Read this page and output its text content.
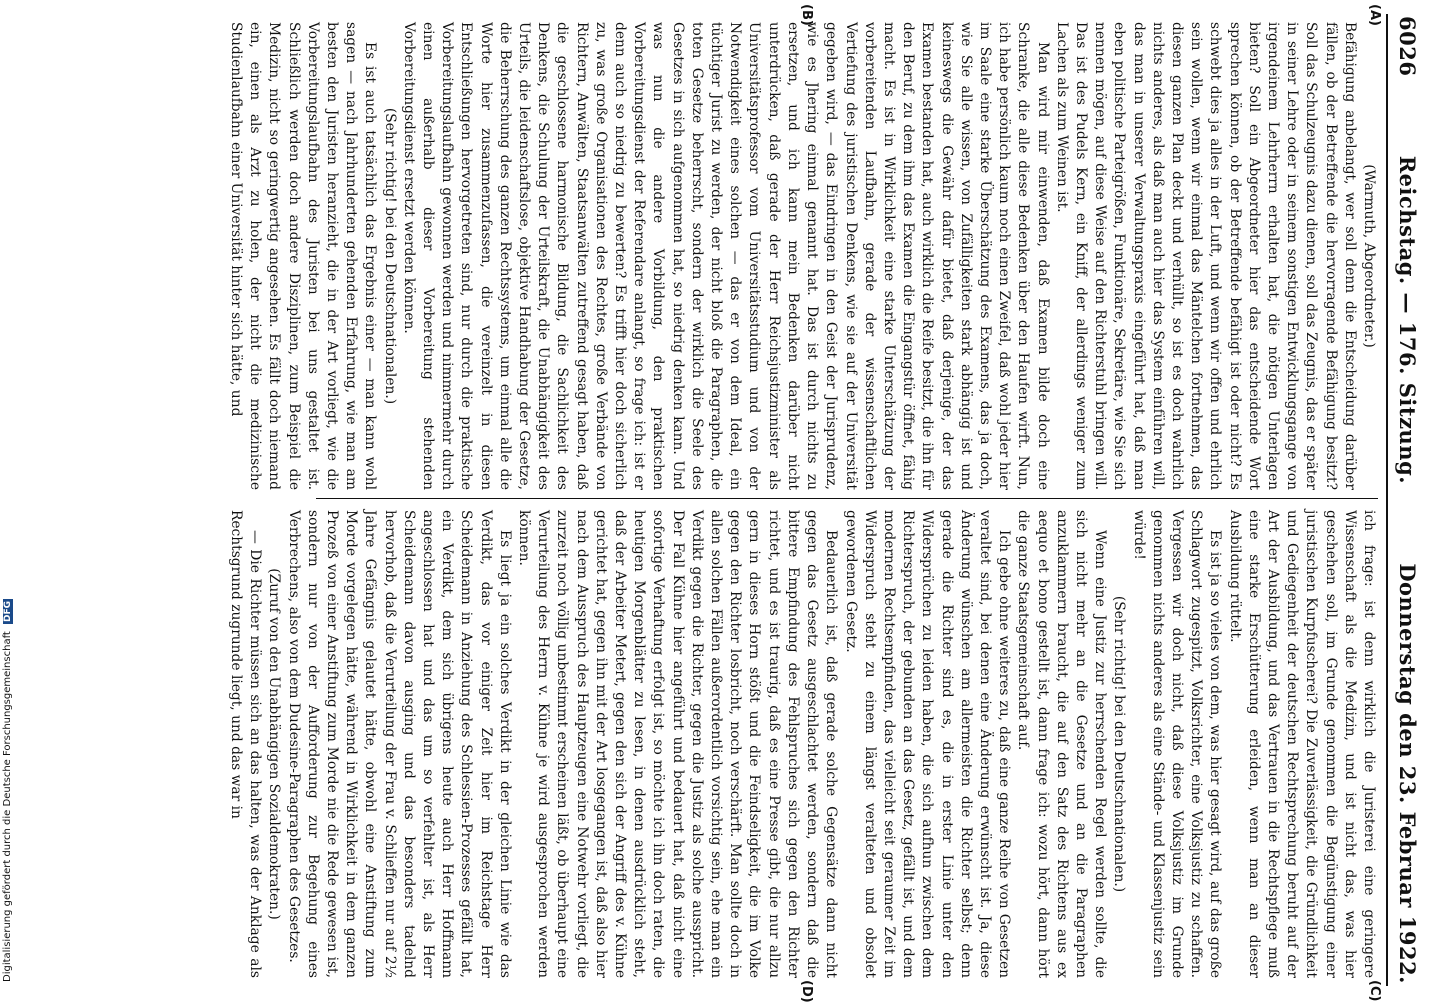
6026
Reichstag. — 176. Sitzung.
Donnerstag den 23. Februar 1922.
(A)
(B)
(C)
(D)

(Warmuth, Abgeordneter.)

Befähigung anbelangt, wer soll denn die Entscheidung darüber fällen, ob der Betreffende die hervorragende Befähigung besitzt? Soll das Schulzeugnis dazu dienen, soll das Zeugnis, das er später in seiner Lehre oder in seinem sonstigen Entwicklungsgange von irgendeinem Lehrherrn erhalten hat, die nötigen Unterlagen bieten? Soll ein Abgeordneter hier das entscheidende Wort sprechen können, ob der Betreffende befähigt ist oder nicht? Es schwebt dies ja alles in der Luft, und wenn wir offen und ehrlich sein wollen, wenn wir einmal das Mäntelchen fortnehmen, das diesen ganzen Plan deckt und verhüllt, so ist es doch wahrlich nichts anderes, als daß man auch hier das System einführen will, das man in unserer Verwaltungspraxis eingeführt hat, daß man eben politische Parteigrößen, Funktionäre, Sekretäre, wie Sie sich nennen mögen, auf diese Weise auf den Richterstuhl bringen will. Das ist des Pudels Kern, ein Kniff, der allerdings weniger zum Lachen als zum Weinen ist.

Man wird mir einwenden, daß Examen bilde doch eine Schranke, die alle diese Bedenken über den Haufen wirft. Nun, ich habe persönlich kaum noch einen Zweifel, daß wohl jeder hier im Saale eine starke Überschätzung des Examens, das ja doch, wie Sie alle wissen, von Zufälligkeiten stark abhängig ist und keineswegs die Gewähr dafür bietet, daß derjenige, der das Examen bestanden hat, auch wirklich die Reife besitzt, die ihn für den Beruf, zu dem ihm das Examen die Eingangstür öffnet, fähig macht. Es ist in Wirklichkeit eine starke Unterschätzung der vorbereitenden Laufbahn, gerade der wissenschaftlichen Vertiefung des juristischen Denkens, wie sie auf der Universität gegeben wird, — das Eindringen in den Geist der Jurisprudenz, wie es Jhering einmal genannt hat. Das ist durch nichts zu ersetzen, und ich kann mein Bedenken darüber nicht unterdrücken, daß gerade der Herr Reichsjustizminister als Universitätsprofessor vom Universitätsstudium und von der Notwendigkeit eines solchen — das er von dem Ideal, ein tüchtiger Jurist zu werden, der nicht bloß die Paragraphen, die toten Gesetze beherrscht, sondern der wirklich die Seele des Gesetzes in sich aufgenommen hat, so niedrig denken kann. Und was nun die andere Vorbildung, den praktischen Vorbereitungsdienst der Referendare anlangt, so frage ich: ist er denn auch so niedrig zu bewerten? Es trifft hier doch sicherlich zu, was große Organisationen des Rechtes, große Verbände von Richtern, Anwälten, Staatsanwälten zutreffend gesagt haben, daß die geschlossene harmonische Bildung, die Sachlichkeit des Denkens, die Schulung der Urteilskraft, die Unabhängigkeit des Urteils, die leidenschaftslose, objektive Handhabung der Gesetze, die Beherrschung des ganzen Rechtssystems, um einmal alle die Worte hier zusammenzufassen, die vereinzelt in diesen Entschließungen hervorgetreten sind, nur durch die praktische Vorbereitungslaufbahn gewonnen werden und nimmermehr durch einen außerhalb dieser Vorbereitung stehenden Vorbereitungsdienst ersetzt werden können.

(Sehr richtig! bei den Deutschnationalen.)

Es ist auch tatsächlich das Ergebnis einer — man kann wohl sagen — nach Jahrhunderten gehenden Erfahrung, wie man am besten den Juristen heranzieht, die in der Art vorliegt, wie die Vorbereitungslaufbahn des Juristen bei uns gestaltet ist. Schließlich werden doch andere Disziplinen, zum Beispiel die Medizin, nicht so geringwertig angesehen. Es fällt doch niemand ein, einen als Arzt zu holen, der nicht die medizinische Studienlaufbahn einer Universität hinter sich hätte, und

ich frage: ist denn wirklich die Juristerei eine geringere Wissenschaft als die Medizin, und ist nicht das, was hier geschehen soll, im Grunde genommen die Begünstigung einer juristischen Kurpfuscherei? Die Zuverlässigkeit, die Gründlichkeit und Gediegenheit der deutschen Rechtsprechung beruht auf der Art der Ausbildung, und das Vertrauen in die Rechtspflege muß eine starke Erschütterung erleiden, wenn man an dieser Ausbildung rüttelt.

Es ist ja so vieles von dem, was hier gesagt wird, auf das große Schlagwort zugespitzt, Volksrichter, eine Volksjustiz zu schaffen. Vergessen wir doch nicht, daß diese Volksjustiz im Grunde genommen nichts anderes als eine Stände- und Klassenjustiz sein würde!

(Sehr richtig! bei den Deutschnationalen.)

Wenn eine Justiz zur herrschenden Regel werden sollte, die sich nicht mehr an die Gesetze und an die Paragraphen anzuklammern braucht, die auf den Satz des Richtens aus ex aequo et bono gestellt ist, dann frage ich: wozu hört, dann hört die ganze Staatsgemeinschaft auf.

Ich gebe ohne weiteres zu, daß eine ganze Reihe von Gesetzen veraltet sind, bei denen eine Änderung erwünscht ist. Ja, diese Änderung wünschen am allermeisten die Richter selbst; denn gerade die Richter sind es, die in erster Linie unter den Widersprüchen zu leiden haben, die sich aufhun zwischen dem Richterspruch, der gebunden an das Gesetz, gefällt ist, und dem modernen Rechtsempfinden, das vielleicht seit geraumer Zeit im Widerspruch steht zu einem längst veralteten und obsolet gewordenen Gesetz.

Bedauerlich ist, daß gerade solche Gegensätze dann nicht gegen das Gesetz ausgeschlachtet werden, sondern daß die bittere Empfindung des Fehlspruches sich gegen den Richter richtet, und es ist traurig, daß es eine Presse gibt, die nur allzu gern in dieses Horn stößt und die Feindseligkeit, die im Volke gegen den Richter losbricht, noch verschärft. Man sollte doch in allen solchen Fällen außerordentlich vorsichtig sein, ehe man ein Verdikt gegen die Richter, gegen die Justiz als solche ausspricht. Der Fall Kühne hier angeführt und bedauert hat, daß nicht eine sofortige Verhaftung erfolgt ist, so möchte ich ihn doch raten, die heutigen Morgenblätter zu lesen, in denen ausdrücklich steht, daß der Arbeiter Metert, gegen den sich der Angriff des v. Kühne gerichtet hat, gegen ihn mit der Art losgegangen ist, daß also hier nach dem Ausspruch des Hauptzeugen eine Notwehr vorliegt, die zurzeit noch völlig unbestimmt erscheinen läßt, ob überhaupt eine Verurteilung des Herrn v. Kühne je wird ausgesprochen werden können.

Es liegt ja ein solches Verdikt in der gleichen Linie wie das Verdikt, das vor einiger Zeit hier im Reichstage Herr Scheidemann in Anziehung des Schlessien-Prozesses gefällt hat, ein Verdikt, dem sich übrigens heute auch Herr Hoffmann angeschlossen hat und das um so verfehlter ist, als Herr Scheidemann davon ausging und das besonders tadelnd hervorhob, daß die Verurteilung der Frau v. Schlieffen nur auf 2½ Jahre Gefängnis gelautet hätte, obwohl eine Anstiftung zum Morde vorgelegen hätte, während in Wirklichkeit in dem ganzen Prozeß von einer Anstiftung zum Morde nie die Rede gewesen ist, sondern nur von der Aufforderung zur Begehung eines Verbrechens, also von dem Dudesine-Paragraphen des Gesetzes.

(Zuruf von den Unabhängigen Sozialdemokraten.)

— Die Richter müssen sich an das halten, was der Anklage als Rechtsgrund zugrunde liegt, und das war in

Digitalisierung gefördert durch die Deutsche Forschungsgemeinschaft DFG
